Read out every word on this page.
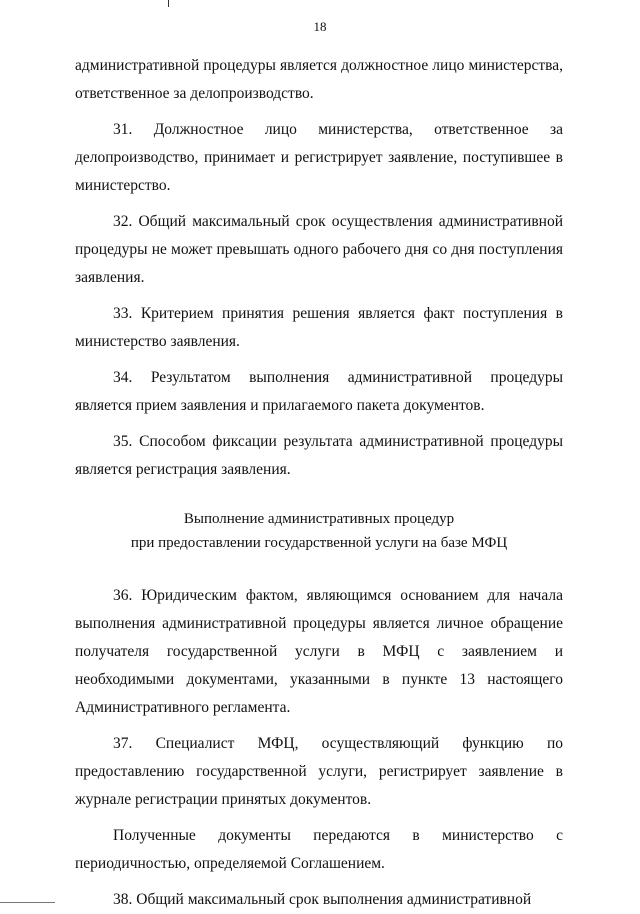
18

административной процедуры является должностное лицо министерства, ответственное за делопроизводство.

31. Должностное лицо министерства, ответственное за делопроизводство, принимает и регистрирует заявление, поступившее в министерство.

32. Общий максимальный срок осуществления административной процедуры не может превышать одного рабочего дня со дня поступления заявления.

33. Критерием принятия решения является факт поступления в министерство заявления.

34. Результатом выполнения административной процедуры является прием заявления и прилагаемого пакета документов.

35. Способом фиксации результата административной процедуры является регистрация заявления.

Выполнение административных процедур
при предоставлении государственной услуги на базе МФЦ

36. Юридическим фактом, являющимся основанием для начала выполнения административной процедуры является личное обращение получателя государственной услуги в МФЦ с заявлением и необходимыми документами, указанными в пункте 13 настоящего Административного регламента.

37. Специалист МФЦ, осуществляющий функцию по предоставлению государственной услуги, регистрирует заявление в журнале регистрации принятых документов.

Полученные документы передаются в министерство с периодичностью, определяемой Соглашением.

38. Общий максимальный срок выполнения административной
